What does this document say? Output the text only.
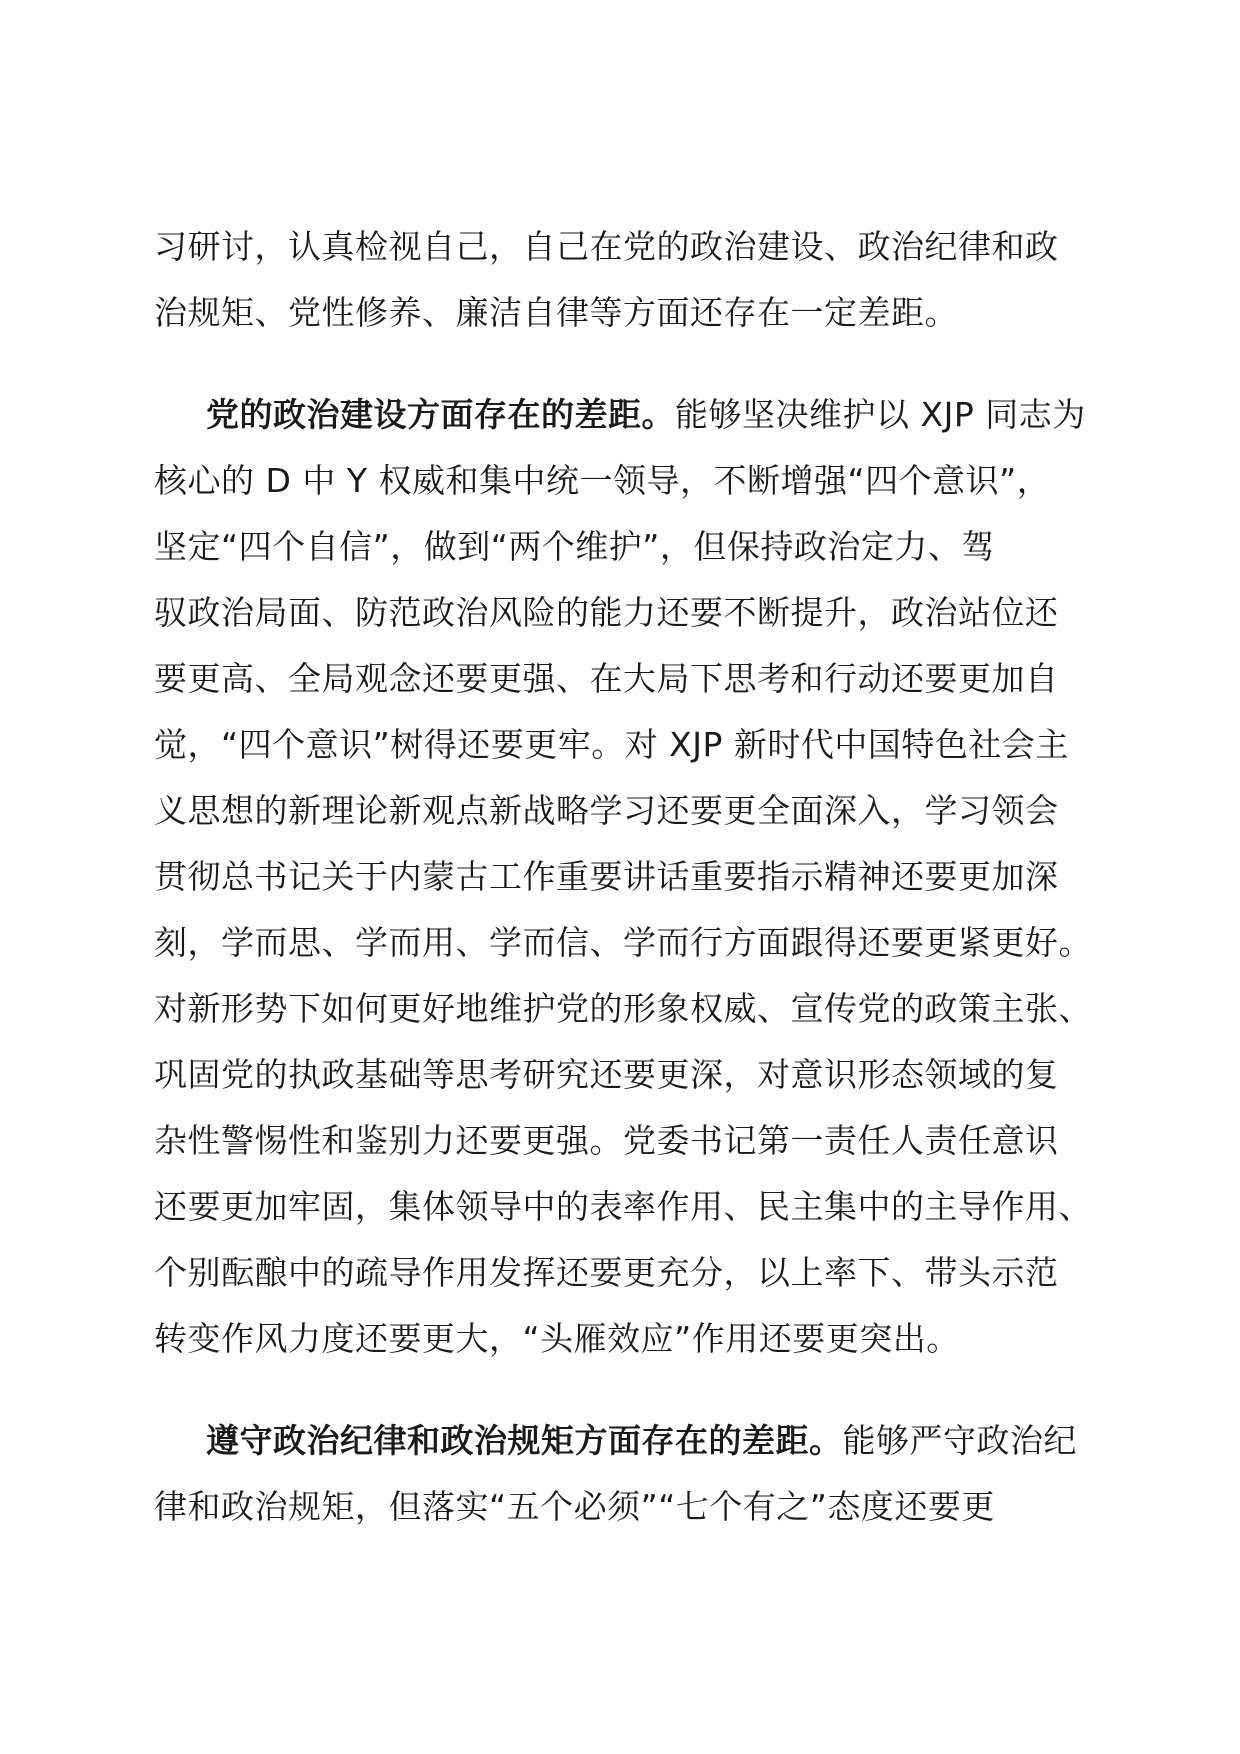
习研讨，认真检视自己，自己在党的政治建设、政治纪律和政
治规矩、党性修养、廉洁自律等方面还存在一定差距。
党的政治建设方面存在的差距。能够坚决维护以 XJP 同志为
核心的 D 中 Y 权威和集中统一领导，不断增强“四个意识”，
坚定“四个自信”，做到“两个维护”，但保持政治定力、驾
驭政治局面、防范政治风险的能力还要不断提升，政治站位还
要更高、全局观念还要更强、在大局下思考和行动还要更加自
觉，“四个意识”树得还要更牢。对 XJP 新时代中国特色社会主
义思想的新理论新观点新战略学习还要更全面深入，学习领会
贯彻总书记关于内蒙古工作重要讲话重要指示精神还要更加深
刻，学而思、学而用、学而信、学而行方面跟得还要更紧更好。
对新形势下如何更好地维护党的形象权威、宣传党的政策主张、
巩固党的执政基础等思考研究还要更深，对意识形态领域的复
杂性警惕性和鉴别力还要更强。党委书记第一责任人责任意识
还要更加牢固，集体领导中的表率作用、民主集中的主导作用、
个别酝酿中的疏导作用发挥还要更充分，以上率下、带头示范
转变作风力度还要更大，“头雁效应”作用还要更突出。
遵守政治纪律和政治规矩方面存在的差距。能够严守政治纪
律和政治规矩，但落实“五个必须”“七个有之”态度还要更
